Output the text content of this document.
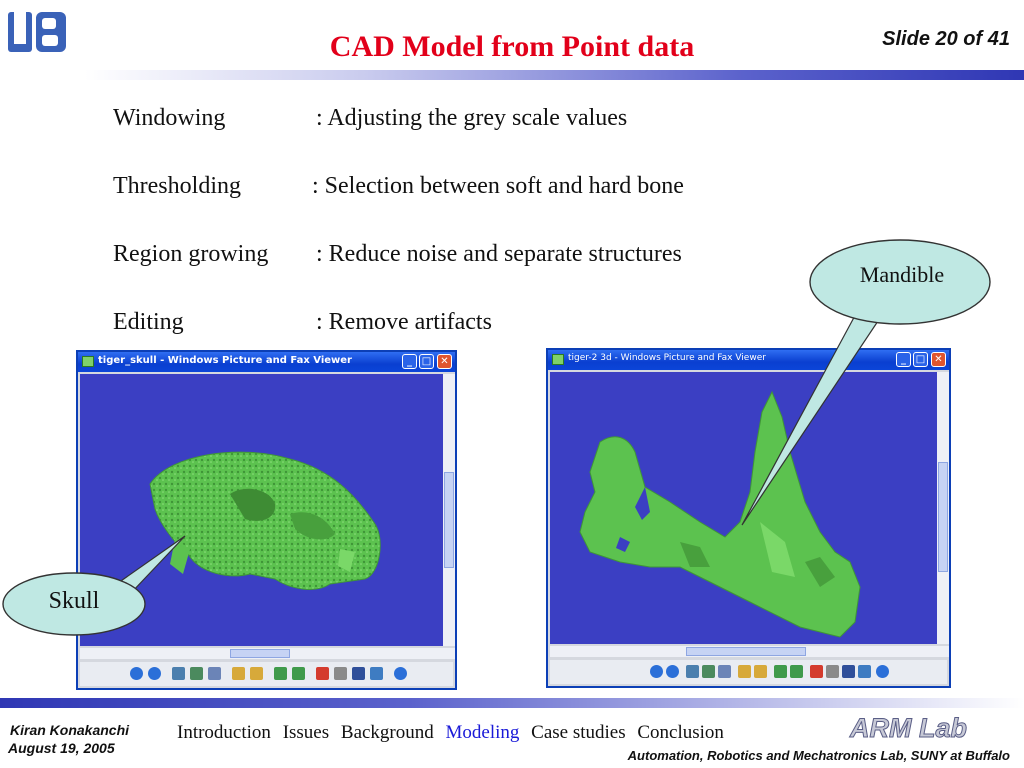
UB
CAD Model from Point data	Slide 20 of 41
Windowing	: Adjusting the grey scale values
Thresholding	: Selection between soft and hard bone
Region growing : Reduce noise and separate structures
Editing	: Remove artifacts
tiger_skull - Windows Picture and Fax Viewer	_ □ ✕	tiger-2 3d - Windows Picture and Fax Viewer	_ □ ✕
Skull
Mandible
Kiran Konakanchi
August 19, 2005
Introduction Issues Background Modeling Case studies Conclusion	ARM Lab
Automation, Robotics and Mechatronics Lab, SUNY at Buffalo
